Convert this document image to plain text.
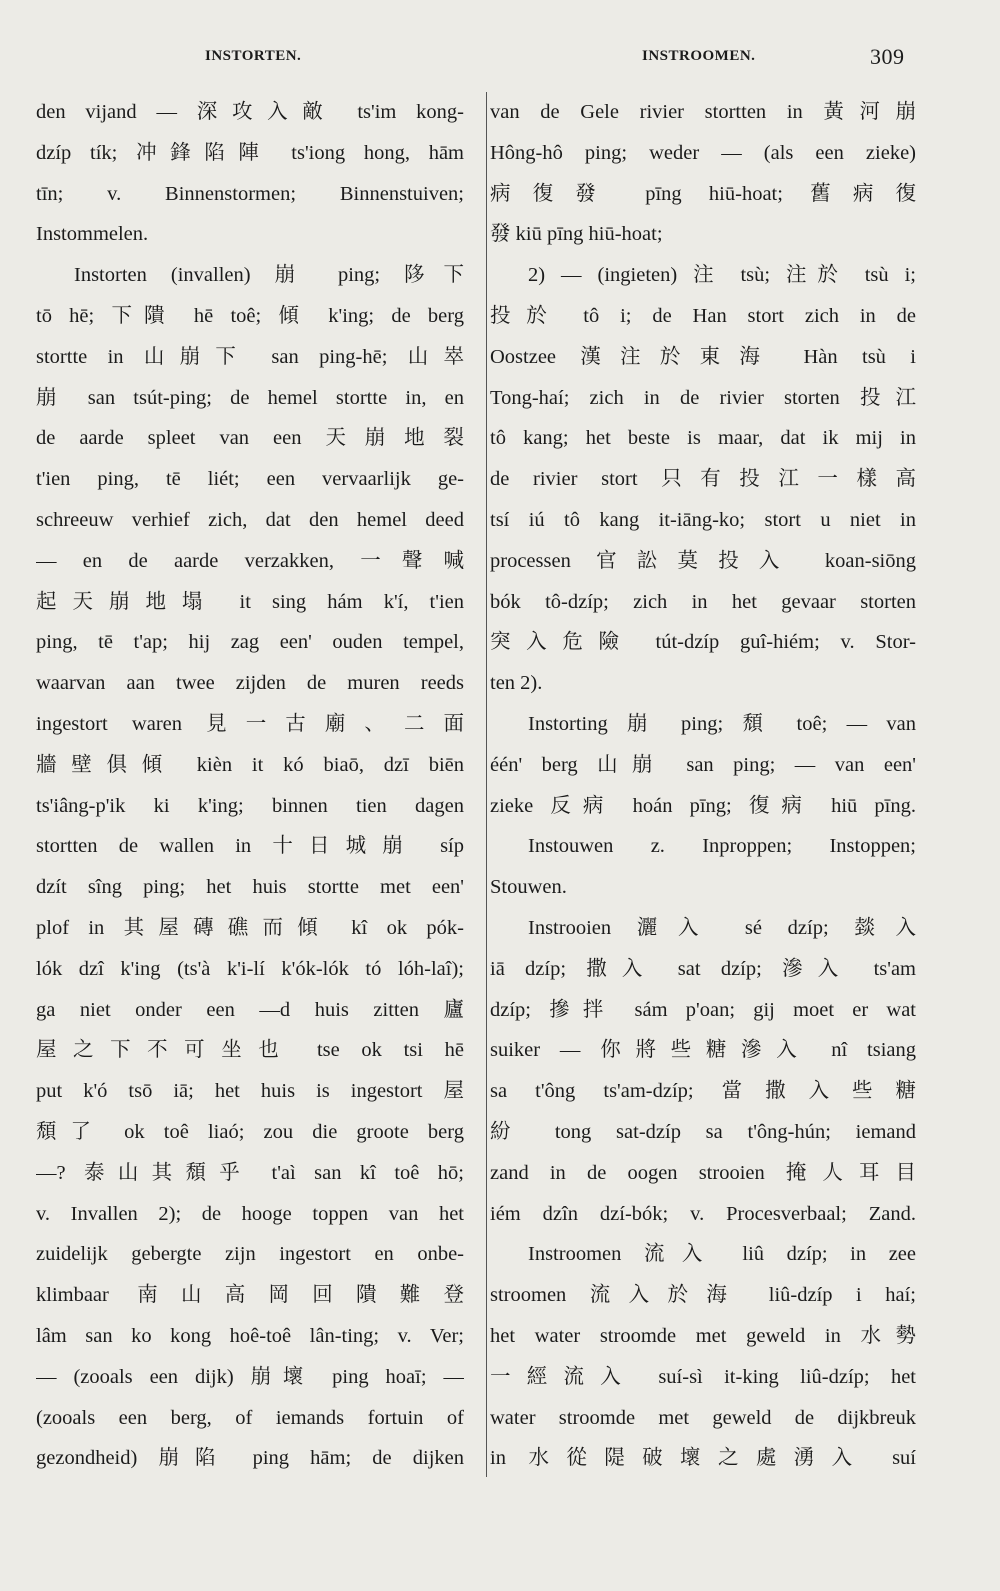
INSTORTEN.	INSTROOMEN.	309
den vijand — 深攻入敵 ts'im kong-
dzíp tík; 冲鋒陷陣 ts'iong hong, hām
tīn; v. Binnenstormen; Binnenstuiven;
Instommelen.
Instorten (invallen) 崩 ping; 陊下
tō hē; 下隤 hē toê; 傾 k'ing; de berg
stortte in 山崩下 san ping-hē; 山崒
崩 san tsút-ping; de hemel stortte in, en
de aarde spleet van een 天崩地裂
t'ien ping, tē liét; een vervaarlijk ge-
schreeuw verhief zich, dat den hemel deed
— en de aarde verzakken, 一聲喊
起天崩地塌 it sing hám k'í, t'ien
ping, tē t'ap; hij zag een' ouden tempel,
waarvan aan twee zijden de muren reeds
ingestort waren 見一古廟、二面
牆壁俱傾 kièn it kó biaō, dzī biēn
ts'iâng-p'ik ki k'ing; binnen tien dagen
stortten de wallen in 十日城崩 síp
dzít sîng ping; het huis stortte met een'
plof in 其屋磚礁而傾 kî ok pók-
lók dzî k'ing (ts'à k'i-lí k'ók-lók tó lóh-laî);
ga niet onder een —d huis zitten 廬
屋之下不可坐也 tse ok tsi hē
put k'ó tsō iā; het huis is ingestort 屋
頹了 ok toê liaó; zou die groote berg
—? 泰山其頹乎 t'aì san kî toê hō;
v. Invallen 2); de hooge toppen van het
zuidelijk gebergte zijn ingestort en onbe-
klimbaar 南山高岡回隤難登
lâm san ko kong hoê-toê lân-ting; v. Ver;
— (zooals een dijk) 崩壞 ping hoaī; —
(zooals een berg, of iemands fortuin of
gezondheid) 崩陷 ping hām; de dijken
van de Gele rivier stortten in 黃河崩
Hông-hô ping; weder — (als een zieke)
病復發 pīng hiū-hoat; 舊病復
發 kiū pīng hiū-hoat;
2) — (ingieten) 注 tsù; 注於 tsù i;
投於 tô i; de Han stort zich in de
Oostzee 漢注於東海 Hàn tsù i
Tong-haí; zich in de rivier storten 投江
tô kang; het beste is maar, dat ik mij in
de rivier stort 只有投江一樣高
tsí iú tô kang it-iāng-ko; stort u niet in
processen 官訟莫投入 koan-siōng
bók tô-dzíp; zich in het gevaar storten
突入危險 tút-dzíp guî-hiém; v. Stor-
ten 2).
Instorting 崩 ping; 頹 toê; — van
één' berg 山崩 san ping; — van een'
zieke 反病 hoán pīng; 復病 hiū pīng.
Instouwen z. Inproppen; Instoppen;
Stouwen.
Instrooien 灑入 sé dzíp; 燅入
iā dzíp; 撒入 sat dzíp; 滲入 ts'am
dzíp; 摻拌 sám p'oan; gij moet er wat
suiker — 你將些糖滲入 nî tsiang
sa t'ông ts'am-dzíp; 當撒入些糖
紛 tong sat-dzíp sa t'ông-hún; iemand
zand in de oogen strooien 掩人耳目
iém dzîn dzí-bók; v. Procesverbaal; Zand.
Instroomen 流入 liû dzíp; in zee
stroomen 流入於海 liû-dzíp i haí;
het water stroomde met geweld in 水勢
一經流入 suí-sì it-king liû-dzíp; het
water stroomde met geweld de dijkbreuk
in 水從隄破壞之處湧入 suí
